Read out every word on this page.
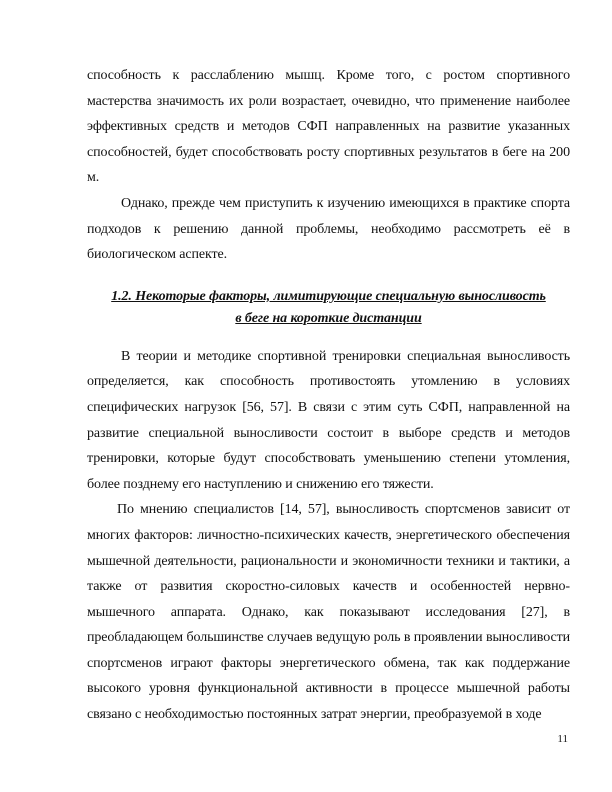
способность к расслаблению мышц. Кроме того, с ростом спортивного мастерства значимость их роли возрастает, очевидно, что применение наиболее эффективных средств и методов СФП направленных на развитие указанных способностей, будет способствовать росту спортивных результатов в беге на 200 м.

Однако, прежде чем приступить к изучению имеющихся в практике спорта подходов к решению данной проблемы, необходимо рассмотреть её в биологическом аспекте.

1.2. Некоторые факторы, лимитирующие специальную выносливость
в беге на короткие дистанции

В теории и методике спортивной тренировки специальная выносливость определяется, как способность противостоять утомлению в условиях специфических нагрузок [56, 57]. В связи с этим суть СФП, направленной на развитие специальной выносливости состоит в выборе средств и методов тренировки, которые будут способствовать уменьшению степени утомления, более позднему его наступлению и снижению его тяжести.

По мнению специалистов [14, 57], выносливость спортсменов зависит от многих факторов: личностно-психических качеств, энергетического обеспечения мышечной деятельности, рациональности и экономичности техники и тактики, а также от развития скоростно-силовых качеств и особенностей нервно-мышечного аппарата. Однако, как показывают исследования [27], в преобладающем большинстве случаев ведущую роль в проявлении выносливости спортсменов играют факторы энергетического обмена, так как поддержание высокого уровня функциональной активности в процессе мышечной работы связано с необходимостью постоянных затрат энергии, преобразуемой в ходе

11
